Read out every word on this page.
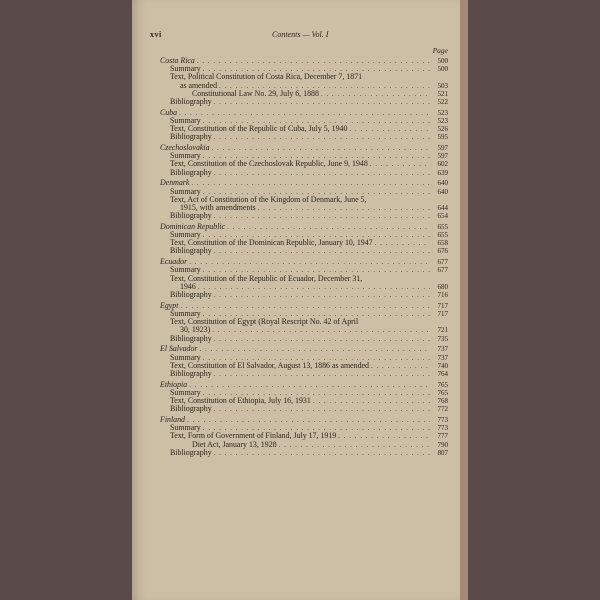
xvi	Contents — Vol. I
Page
Costa Rica . . .	500
Summary . . .	500
Text, Political Constitution of Costa Rica, December 7, 1871
as amended . . .	503
Constitutional Law No. 29, July 6, 1888 . . .	521
Bibliography . . .	522
Cuba . . .	523
Summary . . .	523
Text, Constitution of the Republic of Cuba, July 5, 1940 . . .	526
Bibliography . . .	595
Czechoslovakia . . .	597
Summary . . .	597
Text, Constitution of the Czechoslovak Republic, June 9, 1948 . . .	602
Bibliography . . .	639
Denmark . . .	640
Summary . . .	640
Text, Act of Constitution of the Kingdom of Denmark, June 5,
1915, with amendments . . .	644
Bibliography . . .	654
Dominican Republic . . .	655
Summary . . .	655
Text, Constitution of the Dominican Republic, January 10, 1947 . . .	658
Bibliography . . .	676
Ecuador . . .	677
Summary . . .	677
Text, Constitution of the Republic of Ecuador, December 31,
1946 . . .	680
Bibliography . . .	716
Egypt . . .	717
Summary . . .	717
Text, Constitution of Egypt (Royal Rescript No. 42 of April
30, 1923) . . .	721
Bibliography . . .	735
El Salvador . . .	737
Summary . . .	737
Text, Constitution of El Salvador, August 13, 1886 as amended . . .	740
Bibliography . . .	764
Ethiopia . . .	765
Summary . . .	765
Text, Constitution of Ethiopia, July 16, 1931 . . .	768
Bibliography . . .	772
Finland . . .	773
Summary . . .	773
Text, Form of Government of Finland, July 17, 1919 . . .	777
Diet Act, January 13, 1928 . . .	790
Bibliography . . .	807
